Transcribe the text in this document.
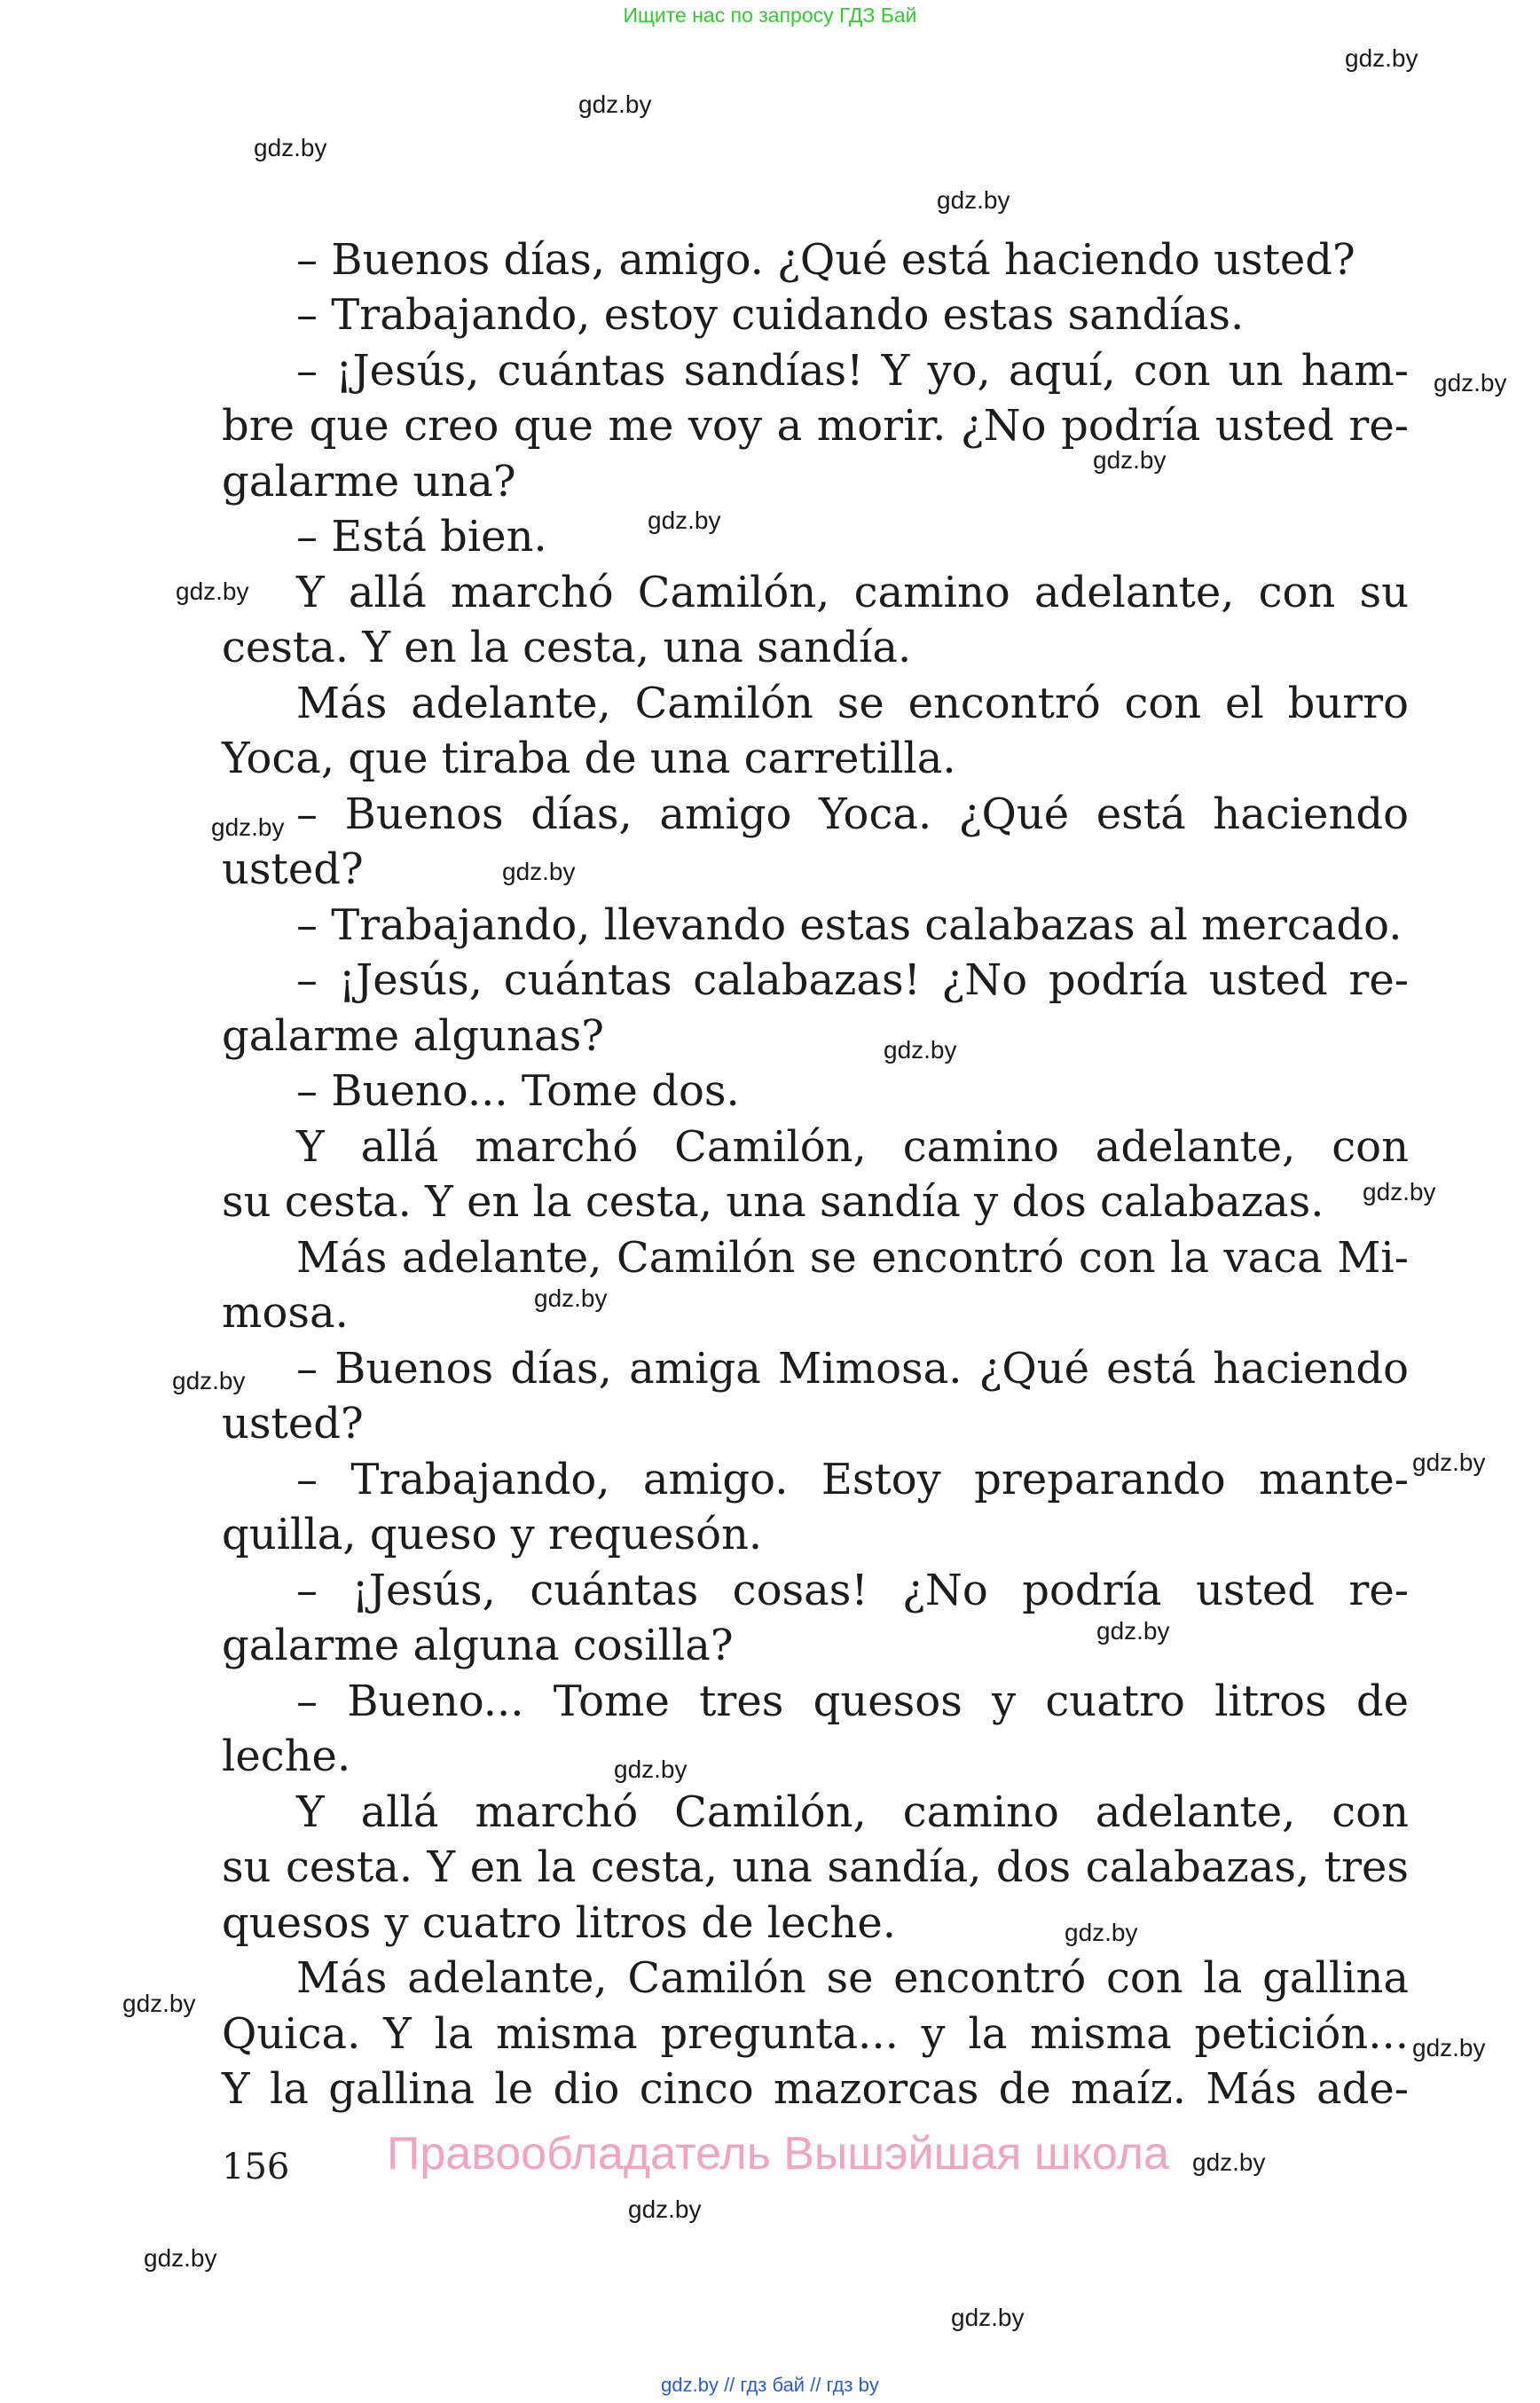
Ищите нас по запросу ГДЗ Бай
– Buenos días, amigo. ¿Qué está haciendo usted?
– Trabajando, estoy cuidando estas sandías.
– ¡Jesús, cuántas sandías! Y yo, aquí, con un ham-
bre que creo que me voy a morir. ¿No podría usted re-
galarme una?
– Está bien.
Y allá marchó Camilón, camino adelante, con su
cesta. Y en la cesta, una sandía.
Más adelante, Camilón se encontró con el burro
Yoca, que tiraba de una carretilla.
– Buenos días, amigo Yoca. ¿Qué está haciendo
usted?
– Trabajando, llevando estas calabazas al mercado.
– ¡Jesús, cuántas calabazas! ¿No podría usted re-
galarme algunas?
– Bueno... Tome dos.
Y allá marchó Camilón, camino adelante, con
su cesta. Y en la cesta, una sandía y dos calabazas.
Más adelante, Camilón se encontró con la vaca Mi-
mosa.
– Buenos días, amiga Mimosa. ¿Qué está haciendo
usted?
– Trabajando, amigo. Estoy preparando mante-
quilla, queso y requesón.
– ¡Jesús, cuántas cosas! ¿No podría usted re-
galarme alguna cosilla?
– Bueno... Tome tres quesos y cuatro litros de
leche.
Y allá marchó Camilón, camino adelante, con
su cesta. Y en la cesta, una sandía, dos calabazas, tres
quesos y cuatro litros de leche.
Más adelante, Camilón se encontró con la gallina
Quica. Y la misma pregunta... y la misma petición...
Y la gallina le dio cinco mazorcas de maíz. Más ade-
156 Правообладатель Вышэйшая школа
gdz.by
gdz.by
gdz.by
gdz.by
gdz.by
gdz.by
gdz.by
gdz.by
gdz.by
gdz.by
gdz.by
gdz.by
gdz.by
gdz.by
gdz.by
gdz.by
gdz.by
gdz.by
gdz.by
gdz.by
gdz.by
gdz.by
gdz.by
gdz.by
gdz.by // гдз бай // гдз by
